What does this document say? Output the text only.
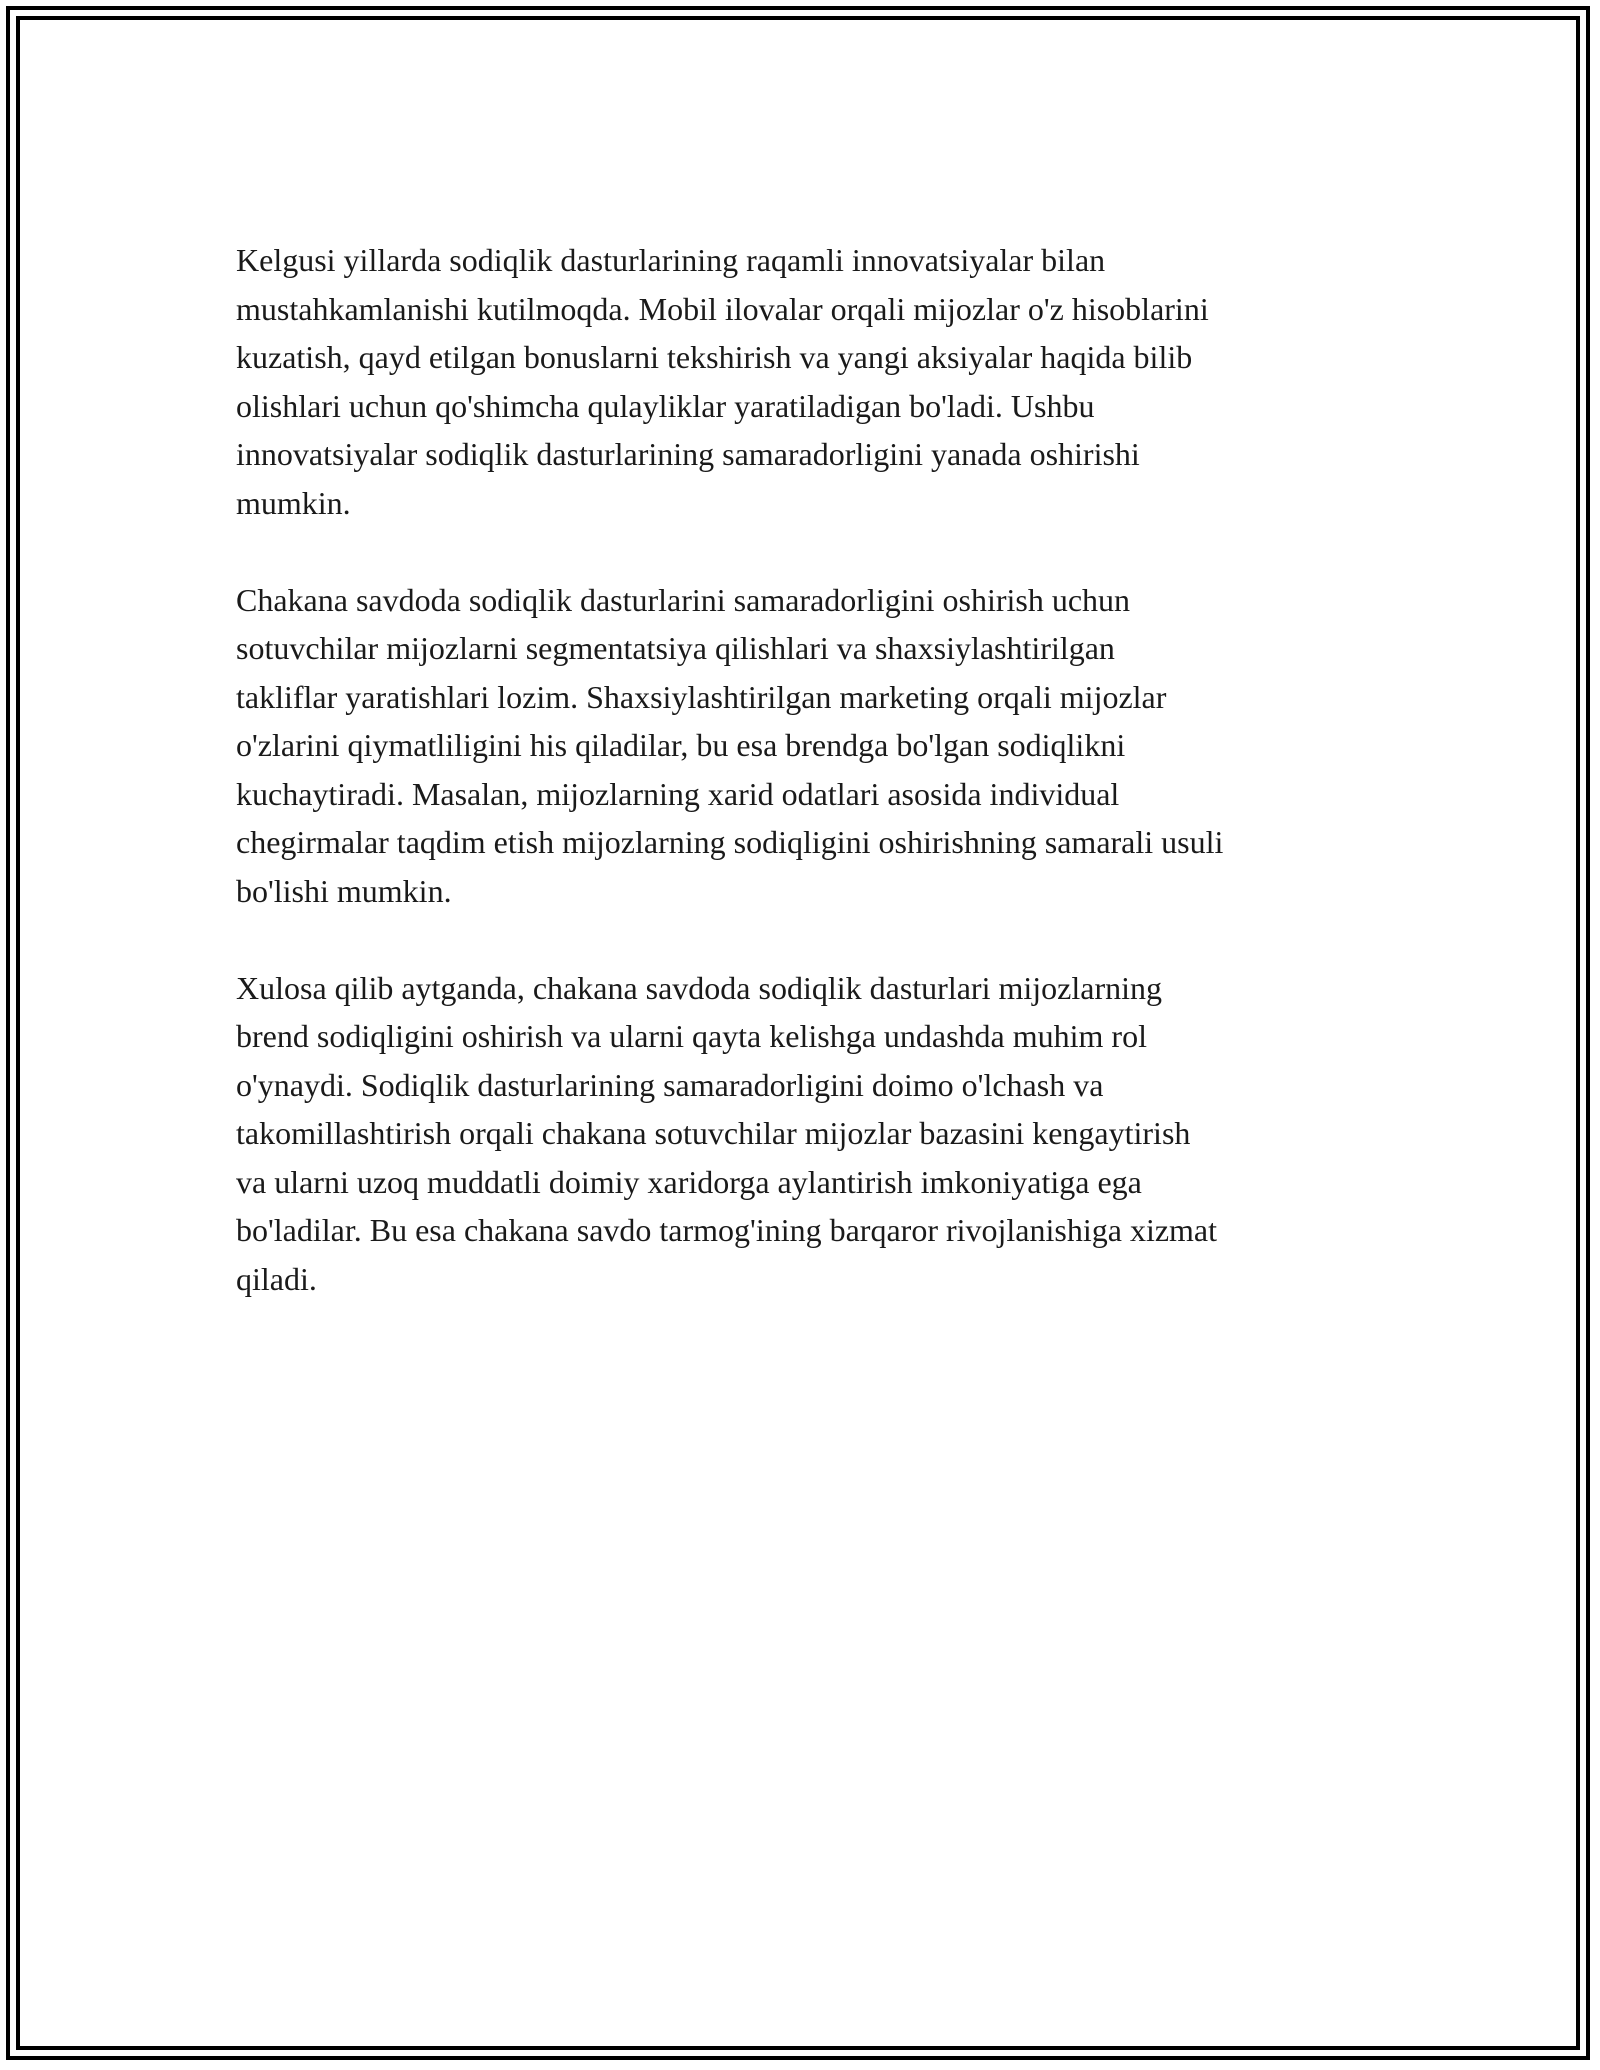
Kelgusi yillarda sodiqlik dasturlarining raqamli innovatsiyalar bilan
mustahkamlanishi kutilmoqda. Mobil ilovalar orqali mijozlar o'z hisoblarini
kuzatish, qayd etilgan bonuslarni tekshirish va yangi aksiyalar haqida bilib
olishlari uchun qo'shimcha qulayliklar yaratiladigan bo'ladi. Ushbu
innovatsiyalar sodiqlik dasturlarining samaradorligini yanada oshirishi
mumkin.

Chakana savdoda sodiqlik dasturlarini samaradorligini oshirish uchun
sotuvchilar mijozlarni segmentatsiya qilishlari va shaxsiylashtirilgan
takliflar yaratishlari lozim. Shaxsiylashtirilgan marketing orqali mijozlar
o'zlarini qiymatliligini his qiladilar, bu esa brendga bo'lgan sodiqlikni
kuchaytiradi. Masalan, mijozlarning xarid odatlari asosida individual
chegirmalar taqdim etish mijozlarning sodiqligini oshirishning samarali usuli
bo'lishi mumkin.

Xulosa qilib aytganda, chakana savdoda sodiqlik dasturlari mijozlarning
brend sodiqligini oshirish va ularni qayta kelishga undashda muhim rol
o'ynaydi. Sodiqlik dasturlarining samaradorligini doimo o'lchash va
takomillashtirish orqali chakana sotuvchilar mijozlar bazasini kengaytirish
va ularni uzoq muddatli doimiy xaridorga aylantirish imkoniyatiga ega
bo'ladilar. Bu esa chakana savdo tarmog'ining barqaror rivojlanishiga xizmat
qiladi.
